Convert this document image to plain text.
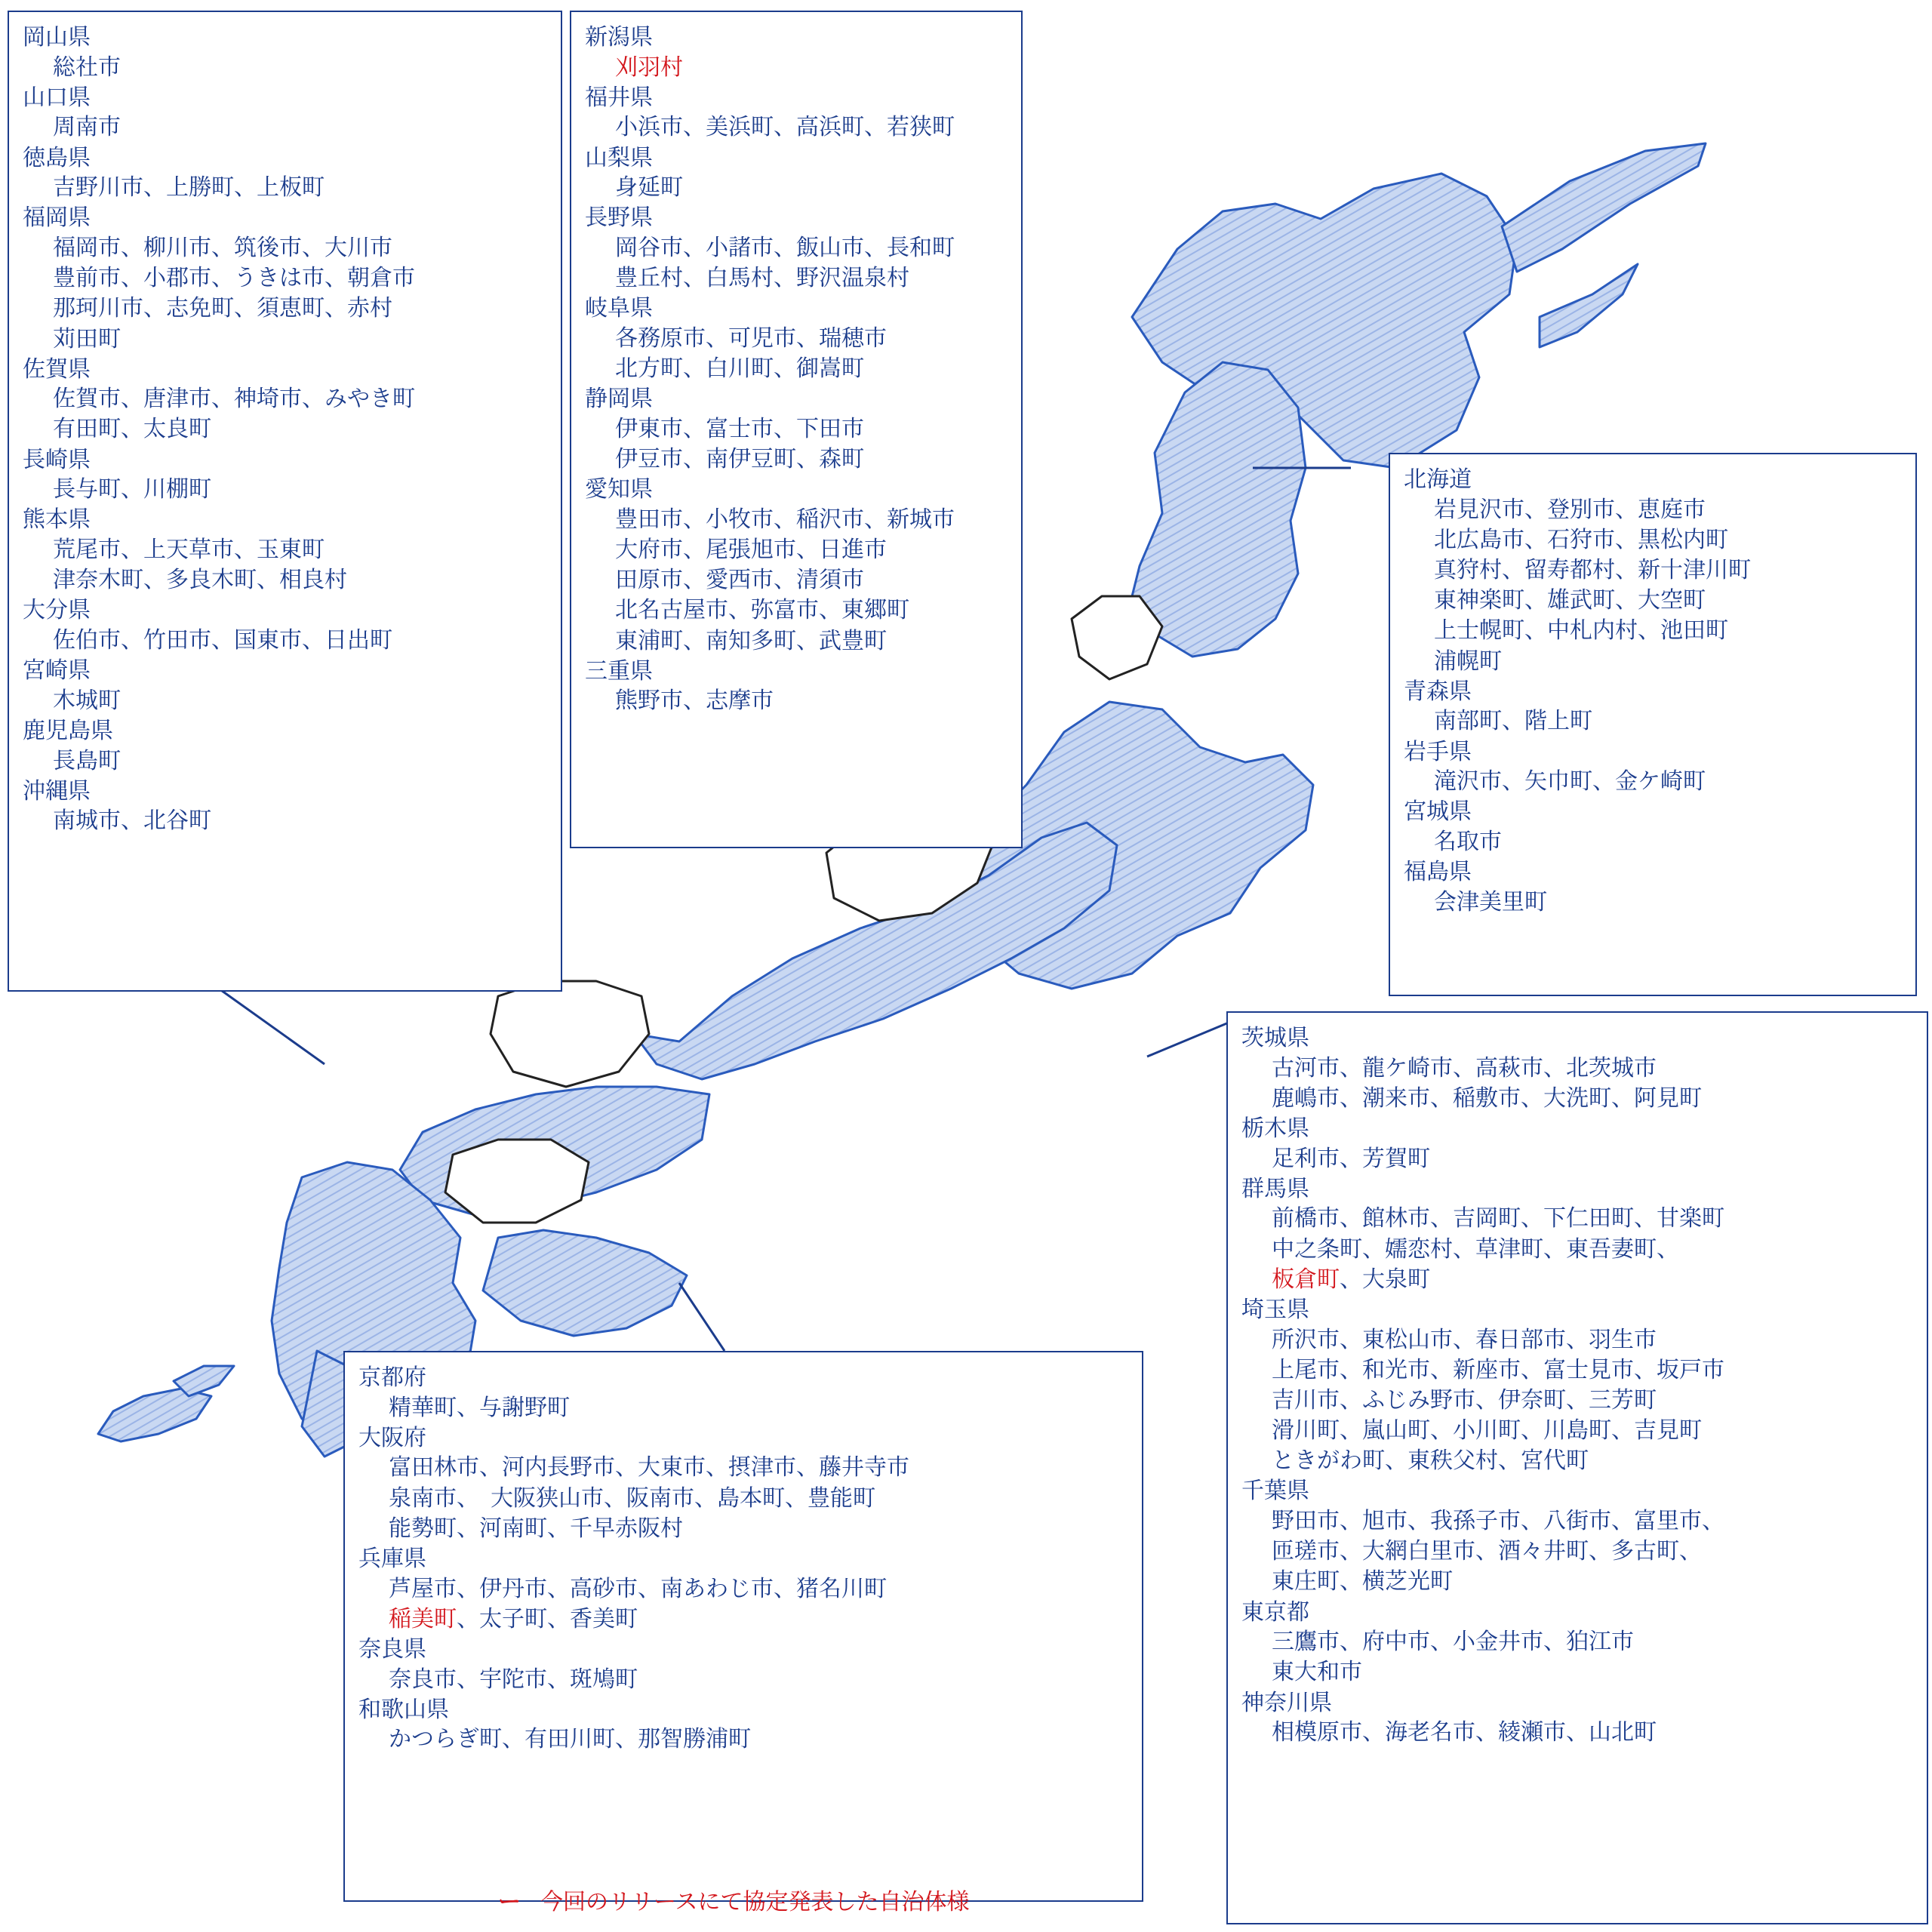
岡山県
総社市
山口県
周南市
徳島県
吉野川市、上勝町、上板町
福岡県
福岡市、柳川市、筑後市、大川市
豊前市、小郡市、うきは市、朝倉市
那珂川市、志免町、須恵町、赤村
苅田町
佐賀県
佐賀市、唐津市、神埼市、みやき町
有田町、太良町
長崎県
長与町、川棚町
熊本県
荒尾市、上天草市、玉東町
津奈木町、多良木町、相良村
大分県
佐伯市、竹田市、国東市、日出町
宮崎県
木城町
鹿児島県
長島町
沖縄県
南城市、北谷町
新潟県
刈羽村
福井県
小浜市、美浜町、高浜町、若狭町
山梨県
身延町
長野県
岡谷市、小諸市、飯山市、長和町
豊丘村、白馬村、野沢温泉村
岐阜県
各務原市、可児市、瑞穂市
北方町、白川町、御嵩町
静岡県
伊東市、富士市、下田市
伊豆市、南伊豆町、森町
愛知県
豊田市、小牧市、稲沢市、新城市
大府市、尾張旭市、日進市
田原市、愛西市、清須市
北名古屋市、弥富市、東郷町
東浦町、南知多町、武豊町
三重県
熊野市、志摩市
北海道
岩見沢市、登別市、恵庭市
北広島市、石狩市、黒松内町
真狩村、留寿都村、新十津川町
東神楽町、雄武町、大空町
上士幌町、中札内村、池田町
浦幌町
青森県
南部町、階上町
岩手県
滝沢市、矢巾町、金ケ崎町
宮城県
名取市
福島県
会津美里町
茨城県
古河市、龍ケ崎市、高萩市、北茨城市
鹿嶋市、潮来市、稲敷市、大洗町、阿見町
栃木県
足利市、芳賀町
群馬県
前橋市、館林市、吉岡町、下仁田町、甘楽町
中之条町、嬬恋村、草津町、東吾妻町、
板倉町、大泉町
埼玉県
所沢市、東松山市、春日部市、羽生市
上尾市、和光市、新座市、富士見市、坂戸市
吉川市、ふじみ野市、伊奈町、三芳町
滑川町、嵐山町、小川町、川島町、吉見町
ときがわ町、東秩父村、宮代町
千葉県
野田市、旭市、我孫子市、八街市、富里市、
匝瑳市、大網白里市、酒々井町、多古町、
東庄町、横芝光町
東京都
三鷹市、府中市、小金井市、狛江市
東大和市
神奈川県
相模原市、海老名市、綾瀬市、山北町
京都府
精華町、与謝野町
大阪府
富田林市、河内長野市、大東市、摂津市、藤井寺市
泉南市、　大阪狭山市、阪南市、島本町、豊能町
能勢町、河南町、千早赤阪村
兵庫県
芦屋市、伊丹市、高砂市、南あわじ市、猪名川町
稲美町、太子町、香美町
奈良県
奈良市、宇陀市、斑鳩町
和歌山県
かつらぎ町、有田川町、那智勝浦町
ー 今回のリリースにて協定発表した自治体様
